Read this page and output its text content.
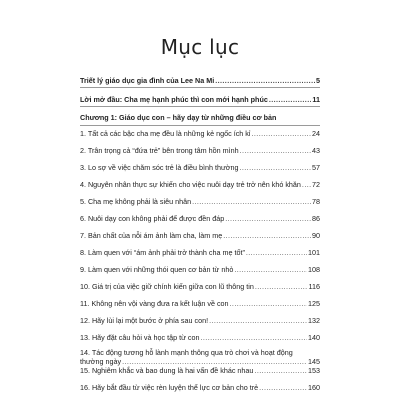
Mục lục
Triết lý giáo dục gia đình của Lee Na Mi .....	5
Lời mở đầu: Cha mẹ hạnh phúc thì con mới hạnh phúc .....	11
Chương 1: Giáo dục con – hãy dạy từ những điều cơ bản
1. Tất cả các bậc cha mẹ đều là những kẻ ngốc ích kỉ .....	24
2. Trân trọng cả “đứa trẻ” bên trong tâm hồn mình .....	43
3. Lo sợ về việc chăm sóc trẻ là điều bình thường .....	57
4. Nguyên nhân thực sự khiến cho việc nuôi dạy trẻ trở nên khó khăn ..... 72
5. Cha mẹ không phải là siêu nhân .....	78
6. Nuôi dạy con không phải để được đền đáp .....	86
7. Bản chất của nỗi ám ảnh làm cha, làm mẹ .....	90
8. Làm quen với “ám ảnh phải trở thành cha mẹ tốt” .....	101
9. Làm quen với những thói quen cơ bản từ nhỏ .....	108
10. Giá trị của việc giữ chính kiến giữa con lũ thông tin .....	116
11. Không nên vội vàng đưa ra kết luận về con .....	125
12. Hãy lùi lại một bước ở phía sau con! .....	132
13. Hãy đặt câu hỏi và học tập từ con .....	140
14. Tác động tương hỗ lành mạnh thông qua trò chơi và hoạt động
thường ngày .....	145
15. Nghiêm khắc và bao dung là hai vấn đề khác nhau .....	153
16. Hãy bắt đầu từ việc rèn luyện thể lực cơ bản cho trẻ .....	160
